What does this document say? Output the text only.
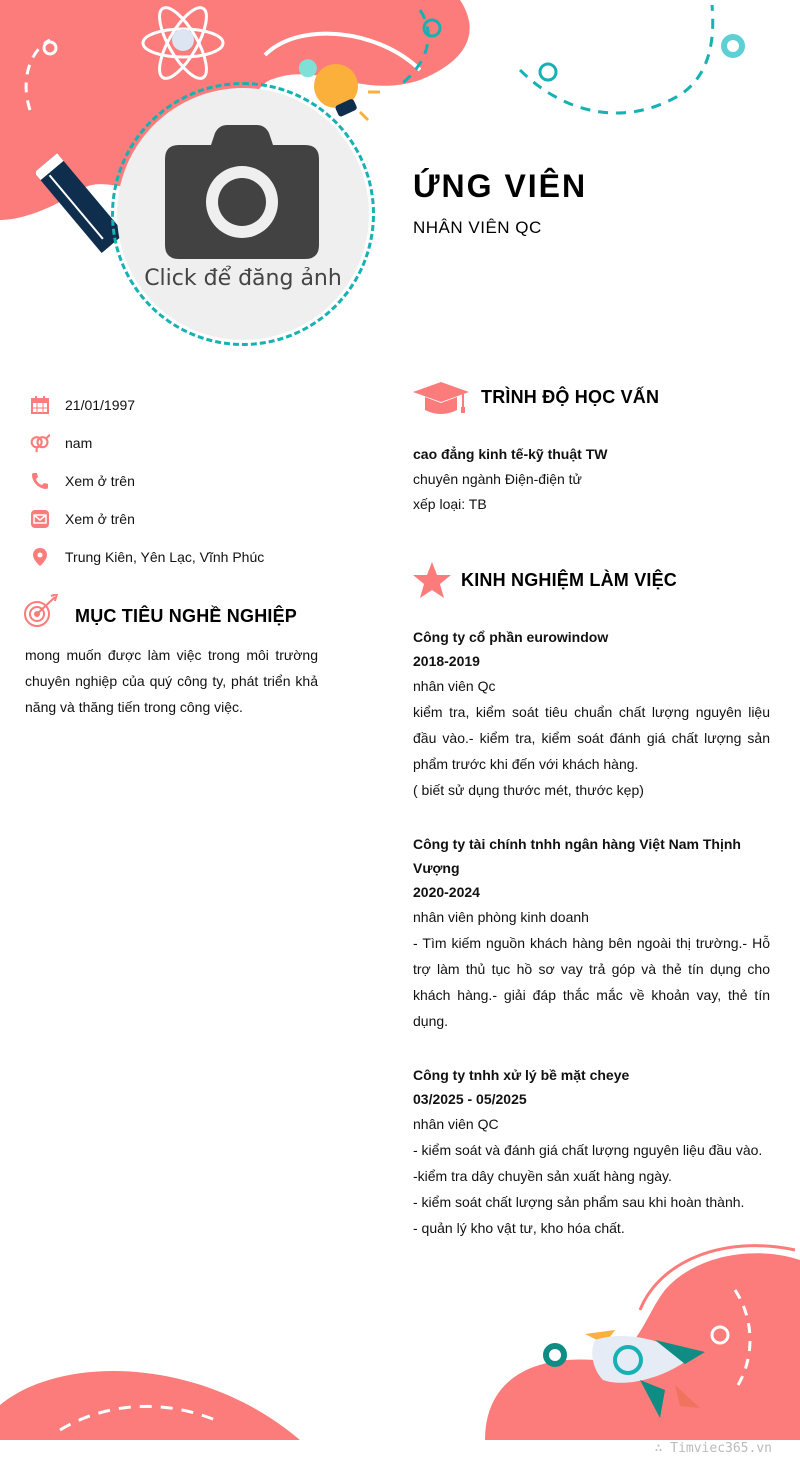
Click để đăng ảnh
ỨNG VIÊN
NHÂN VIÊN QC
21/01/1997
nam
Xem ở trên
Xem ở trên
Trung Kiên, Yên Lạc, Vĩnh Phúc
MỤC TIÊU NGHỀ NGHIỆP
mong muốn được làm việc trong môi trường chuyên nghiệp của quý công ty, phát triển khả năng và thăng tiến trong công việc.
TRÌNH ĐỘ HỌC VẤN
cao đẳng kinh tế-kỹ thuật TW
chuyên ngành Điện-điện tử
xếp loại: TB
KINH NGHIỆM LÀM VIỆC
Công ty cổ phần eurowindow
2018-2019
nhân viên Qc
kiểm tra, kiểm soát tiêu chuẩn chất lượng nguyên liệu đầu vào.- kiểm tra, kiểm soát đánh giá chất lượng sản phẩm trước khi đến với khách hàng.
( biết sử dụng thước mét, thước kẹp)
Công ty tài chính tnhh ngân hàng Việt Nam Thịnh Vượng
2020-2024
nhân viên phòng kinh doanh
- Tìm kiếm nguồn khách hàng bên ngoài thị trường.- Hỗ trợ làm thủ tục hồ sơ vay trả góp và thẻ tín dụng cho khách hàng.- giải đáp thắc mắc về khoản vay, thẻ tín dụng.
Công ty tnhh xử lý bề mặt cheye
03/2025 - 05/2025
nhân viên QC
- kiểm soát và đánh giá chất lượng nguyên liệu đầu vào.
-kiểm tra dây chuyền sản xuất hàng ngày.
- kiểm soát chất lượng sản phẩm sau khi hoàn thành.
- quản lý kho vật tư, kho hóa chất.
∴ Timviec365.vn
